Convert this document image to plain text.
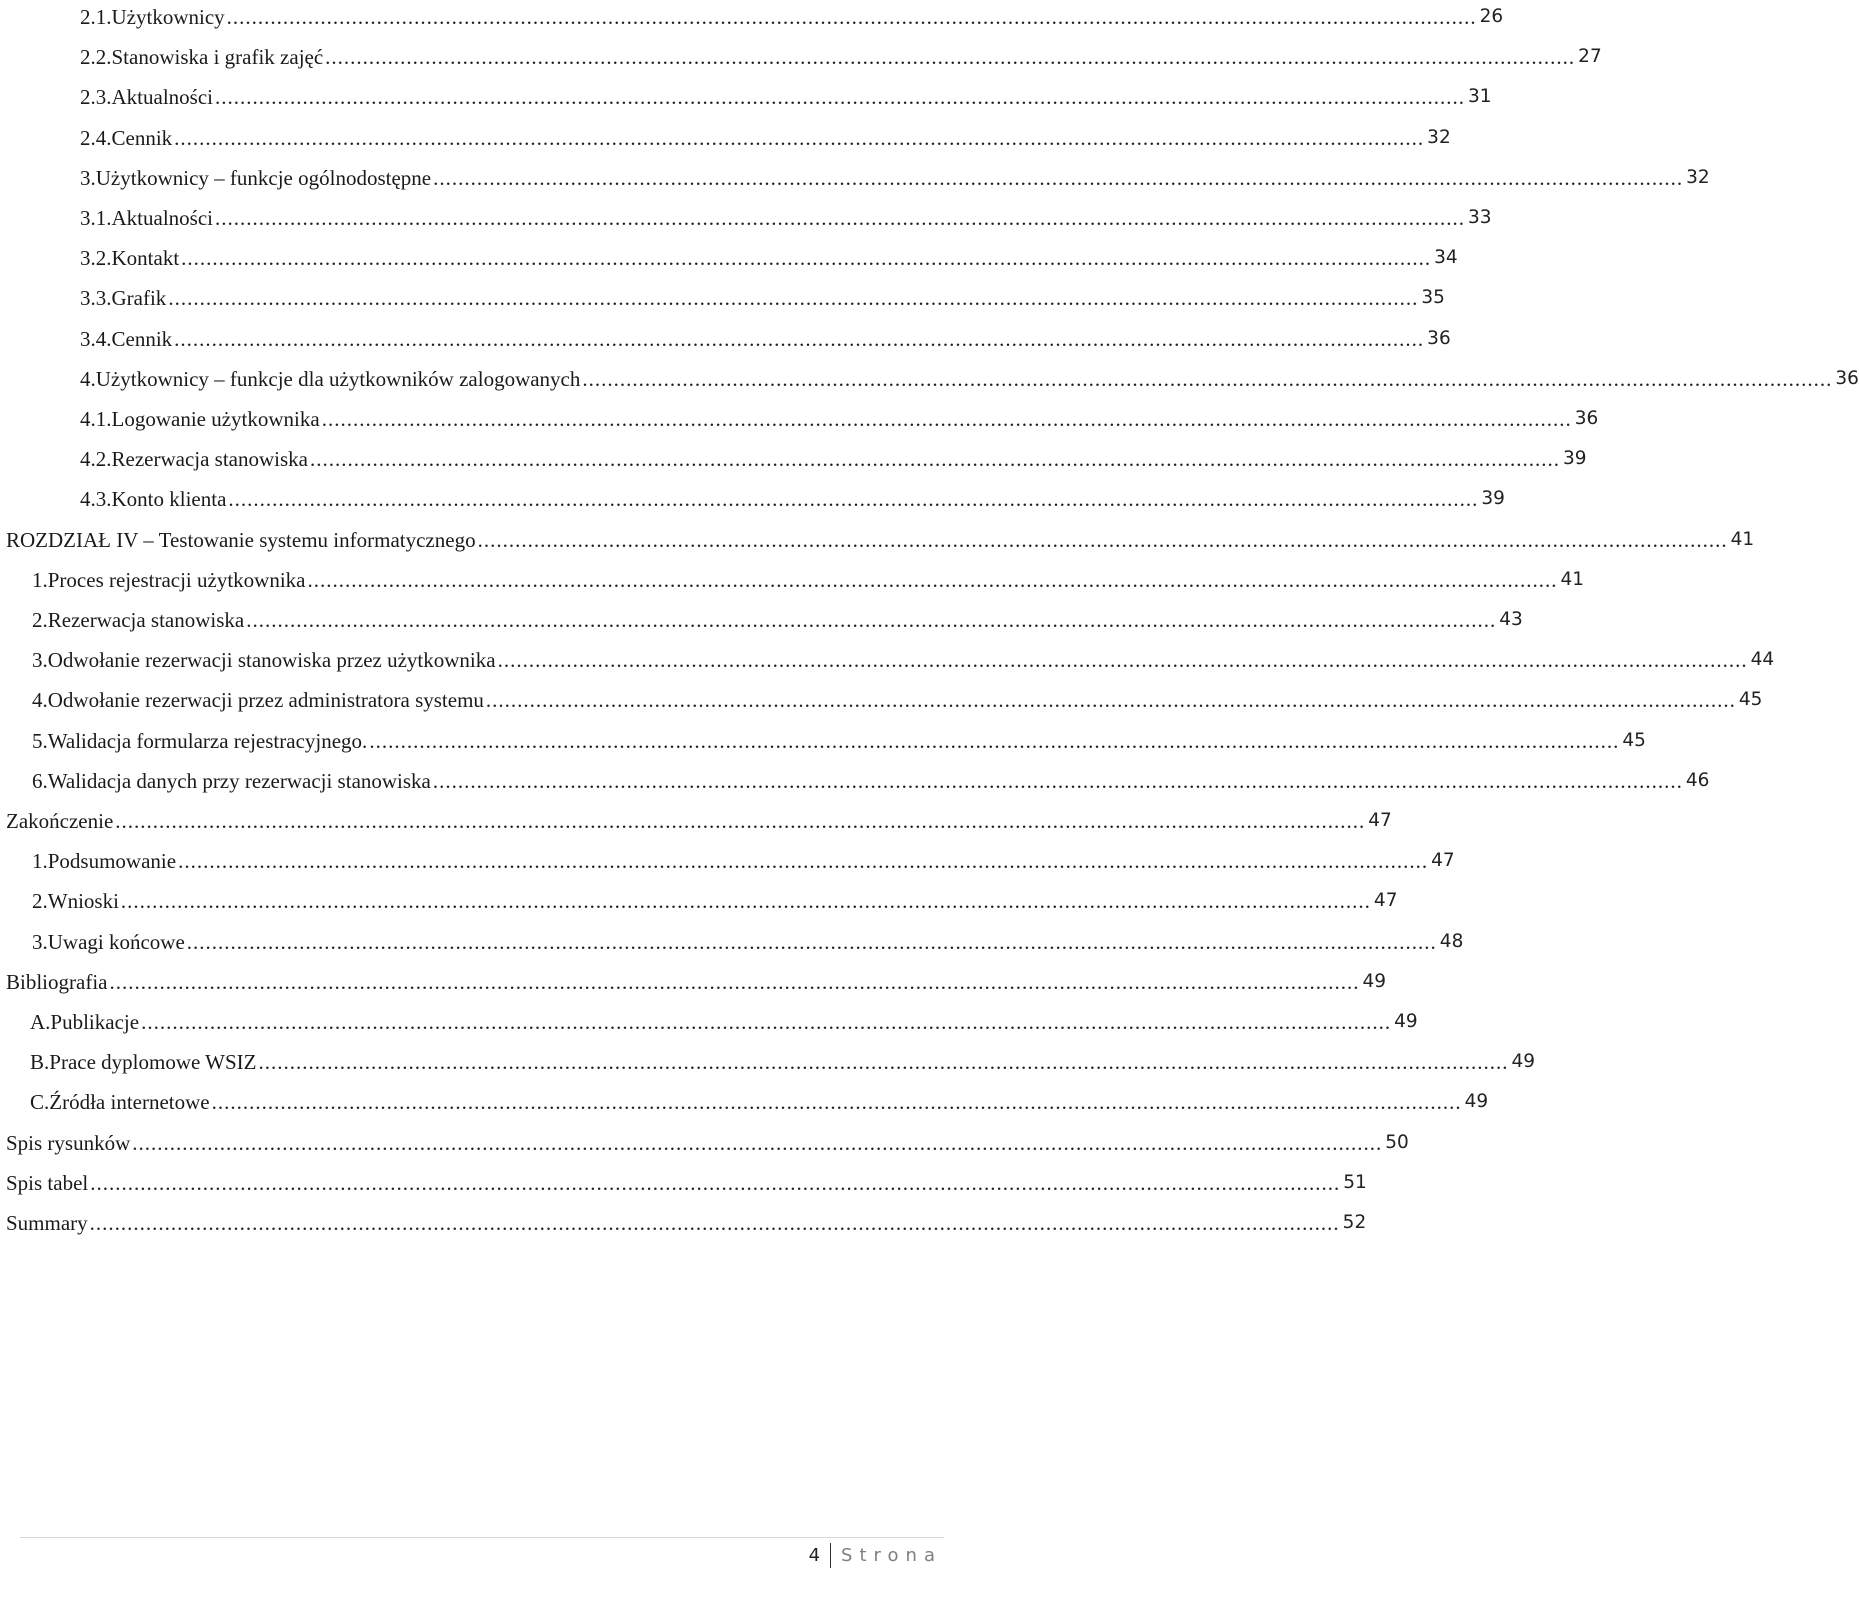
2.1. Użytkownicy ........................................................................................................................................................................................................ 26
2.2. Stanowiska i grafik zajęć ........................................................................................................................................................................................................ 27
2.3. Aktualności ........................................................................................................................................................................................................ 31
2.4. Cennik ........................................................................................................................................................................................................ 32
3. Użytkownicy – funkcje ogólnodostępne ........................................................................................................................................................................................................ 32
3.1. Aktualności ........................................................................................................................................................................................................ 33
3.2. Kontakt ........................................................................................................................................................................................................ 34
3.3. Grafik ........................................................................................................................................................................................................ 35
3.4. Cennik ........................................................................................................................................................................................................ 36
4. Użytkownicy – funkcje dla użytkowników zalogowanych ........................................................................................................................................................................................................ 36
4.1. Logowanie użytkownika ........................................................................................................................................................................................................ 36
4.2. Rezerwacja stanowiska ........................................................................................................................................................................................................ 39
4.3. Konto klienta ........................................................................................................................................................................................................ 39
ROZDZIAŁ IV – Testowanie systemu informatycznego ........................................................................................................................................................................................................ 41
1. Proces rejestracji użytkownika ........................................................................................................................................................................................................ 41
2. Rezerwacja stanowiska ........................................................................................................................................................................................................ 43
3. Odwołanie rezerwacji stanowiska przez użytkownika ........................................................................................................................................................................................................ 44
4. Odwołanie rezerwacji przez administratora systemu ........................................................................................................................................................................................................ 45
5. Walidacja formularza rejestracyjnego. ........................................................................................................................................................................................................ 45
6. Walidacja danych przy rezerwacji stanowiska ........................................................................................................................................................................................................ 46
Zakończenie ........................................................................................................................................................................................................ 47
1. Podsumowanie ........................................................................................................................................................................................................ 47
2. Wnioski ........................................................................................................................................................................................................ 47
3. Uwagi końcowe ........................................................................................................................................................................................................ 48
Bibliografia ........................................................................................................................................................................................................ 49
A. Publikacje ........................................................................................................................................................................................................ 49
B. Prace dyplomowe WSIZ ........................................................................................................................................................................................................ 49
C. Źródła internetowe ........................................................................................................................................................................................................ 49
Spis rysunków ........................................................................................................................................................................................................ 50
Spis tabel ........................................................................................................................................................................................................ 51
Summary ........................................................................................................................................................................................................ 52
4 Strona
